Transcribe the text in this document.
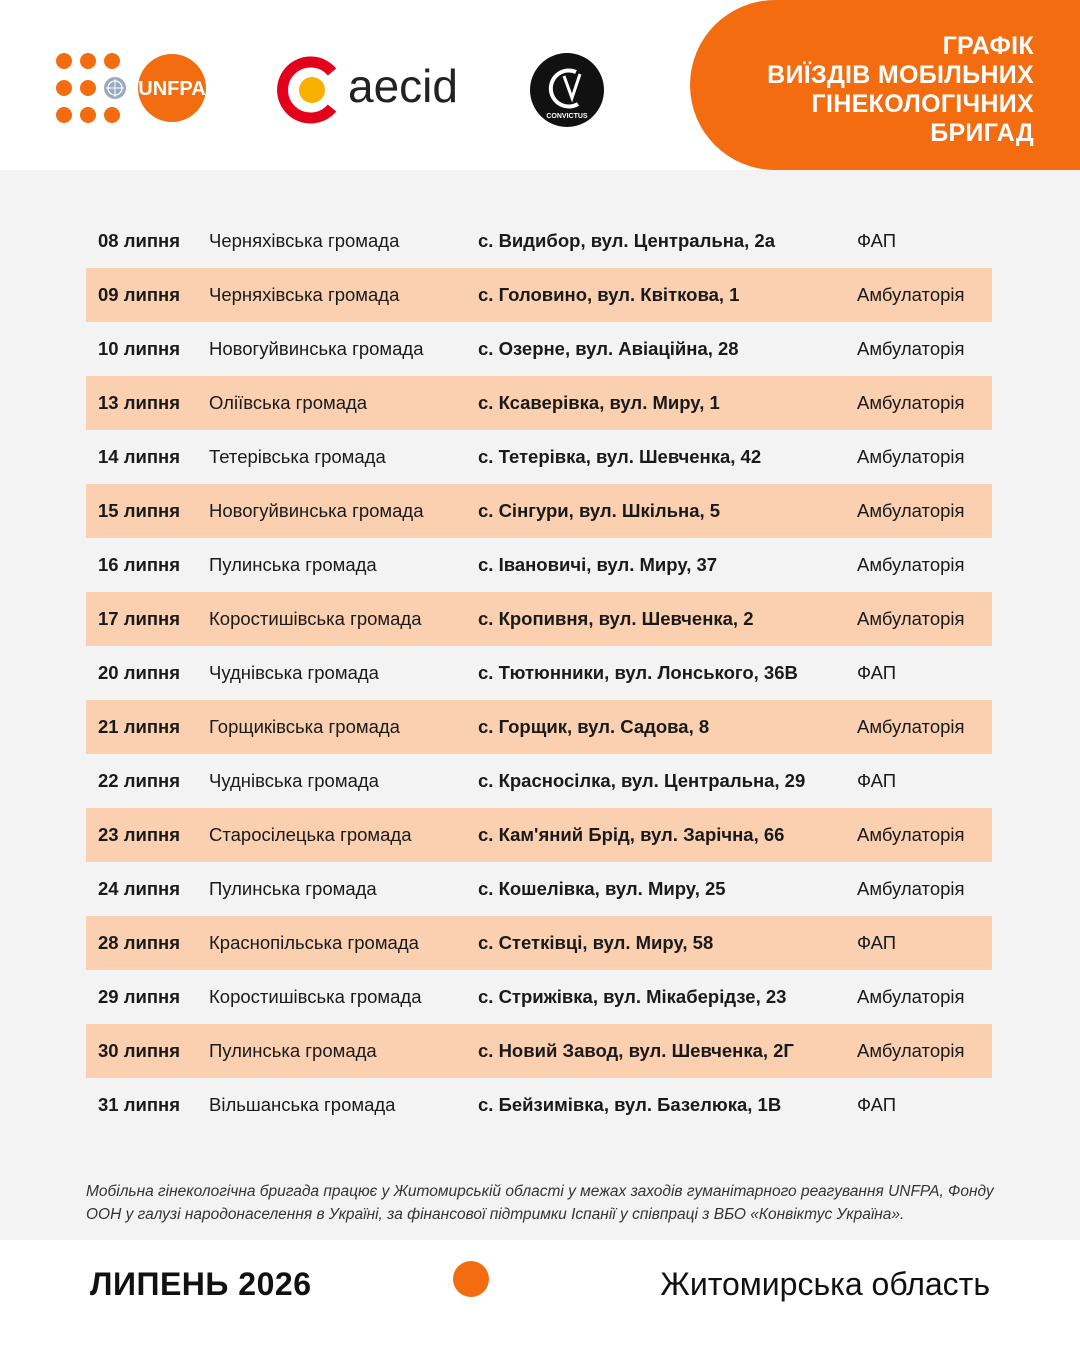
UNFPA	aecid
CONVICTUS
ГРАФІК
ВИЇЗДІВ МОБІЛЬНИХ
ГІНЕКОЛОГІЧНИХ
БРИГАД
08 липня Черняхівська громада	с. Видибор, вул. Центральна, 2а	ФАП
09 липня Черняхівська громада	с. Головино, вул. Квіткова, 1	Амбулаторія
10 липня Новогуйвинська громада	с. Озерне, вул. Авіаційна, 28	Амбулаторія
13 липня Оліївська громада	с. Ксаверівка, вул. Миру, 1	Амбулаторія
14 липня Тетерівська громада	с. Тетерівка, вул. Шевченка, 42	Амбулаторія
15 липня Новогуйвинська громада	с. Сінгури, вул. Шкільна, 5	Амбулаторія
16 липня Пулинська громада	с. Івановичі, вул. Миру, 37	Амбулаторія
17 липня Коростишівська громада	с. Кропивня, вул. Шевченка, 2	Амбулаторія
20 липня Чуднівська громада	с. Тютюнники, вул. Лонського, 36В	ФАП
21 липня Горщиківська громада	с. Горщик, вул. Садова, 8	Амбулаторія
22 липня Чуднівська громада	с. Красносілка, вул. Центральна, 29	ФАП
23 липня Старосілецька громада	с. Кам'яний Брід, вул. Зарічна, 66	Амбулаторія
24 липня Пулинська громада	с. Кошелівка, вул. Миру, 25	Амбулаторія
28 липня Краснопільська громада	с. Стетківці, вул. Миру, 58	ФАП
29 липня Коростишівська громада	с. Стрижівка, вул. Мікаберідзе, 23	Амбулаторія
30 липня Пулинська громада	с. Новий Завод, вул. Шевченка, 2Г	Амбулаторія
31 липня Вільшанська громада	с. Бейзимівка, вул. Базелюка, 1В	ФАП
Мобільна гінекологічна бригада працює у Житомирській області у межах заходів гуманітарного реагування UNFPA, Фонду
ООН у галузі народонаселення в Україні, за фінансової підтримки Іспанії у співпраці з ВБО «Конвіктус Україна».
ЛИПЕНЬ 2026	Житомирська область
